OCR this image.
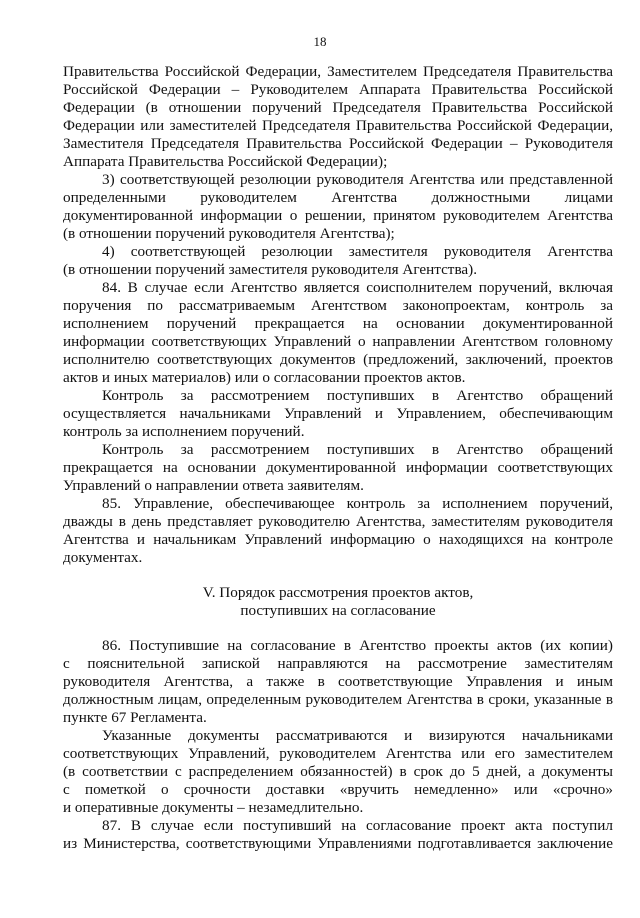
18
Правительства Российской Федерации, Заместителем Председателя Правительства
Российской Федерации – Руководителем Аппарата Правительства Российской
Федерации (в отношении поручений Председателя Правительства Российской
Федерации или заместителей Председателя Правительства Российской Федерации,
Заместителя Председателя Правительства Российской Федерации – Руководителя
Аппарата Правительства Российской Федерации);
3) соответствующей резолюции руководителя Агентства или представленной
определенными руководителем Агентства должностными лицами
документированной информации о решении, принятом руководителем Агентства
(в отношении поручений руководителя Агентства);
4) соответствующей резолюции заместителя руководителя Агентства
(в отношении поручений заместителя руководителя Агентства).
84. В случае если Агентство является соисполнителем поручений, включая
поручения по рассматриваемым Агентством законопроектам, контроль за
исполнением поручений прекращается на основании документированной
информации соответствующих Управлений о направлении Агентством головному
исполнителю соответствующих документов (предложений, заключений, проектов
актов и иных материалов) или о согласовании проектов актов.
Контроль за рассмотрением поступивших в Агентство обращений
осуществляется начальниками Управлений и Управлением, обеспечивающим
контроль за исполнением поручений.
Контроль за рассмотрением поступивших в Агентство обращений
прекращается на основании документированной информации соответствующих
Управлений о направлении ответа заявителям.
85. Управление, обеспечивающее контроль за исполнением поручений,
дважды в день представляет руководителю Агентства, заместителям руководителя
Агентства и начальникам Управлений информацию о находящихся на контроле
документах.
V. Порядок рассмотрения проектов актов,
поступивших на согласование
86. Поступившие на согласование в Агентство проекты актов (их копии)
с пояснительной запиской направляются на рассмотрение заместителям
руководителя Агентства, а также в соответствующие Управления и иным
должностным лицам, определенным руководителем Агентства в сроки, указанные в
пункте 67 Регламента.
Указанные документы рассматриваются и визируются начальниками
соответствующих Управлений, руководителем Агентства или его заместителем
(в соответствии с распределением обязанностей) в срок до 5 дней, а документы
с пометкой о срочности доставки «вручить немедленно» или «срочно»
и оперативные документы – незамедлительно.
87. В случае если поступивший на согласование проект акта поступил
из Министерства, соответствующими Управлениями подготавливается заключение
